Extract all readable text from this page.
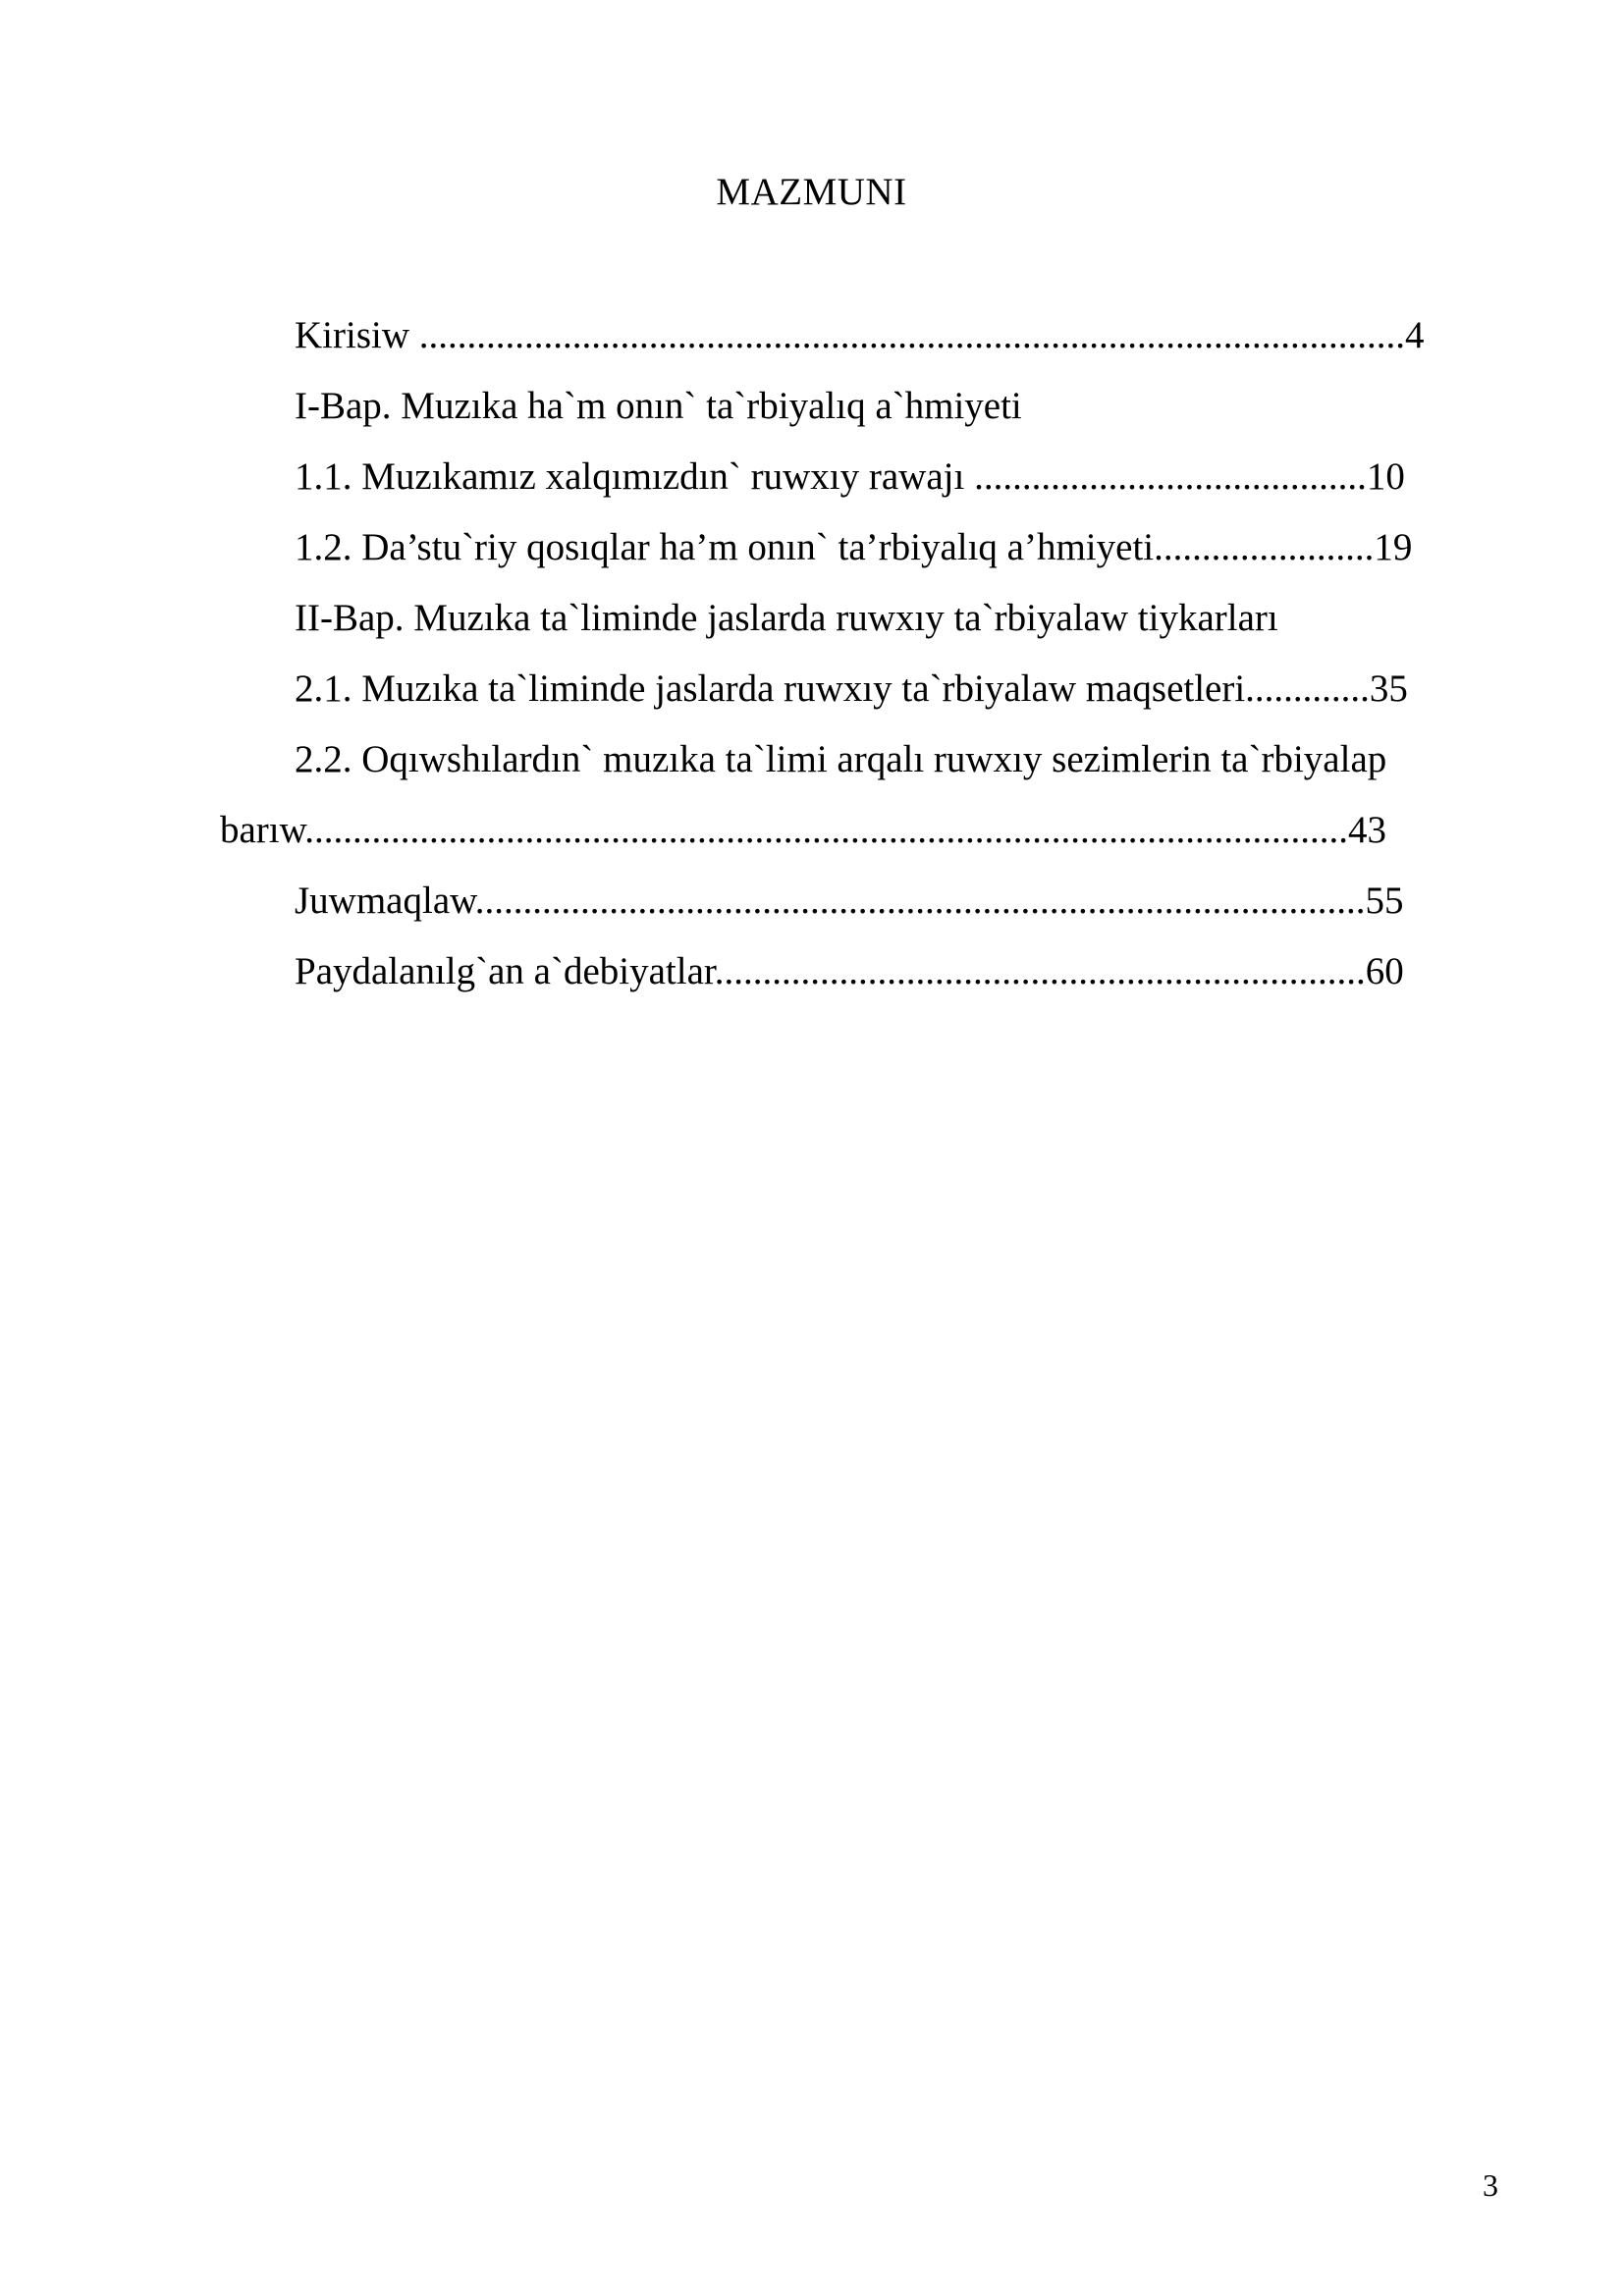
MAZMUNI
Kirisiw .......................................................................................................4
I-Bap. Muzıka ha`m onın` ta`rbiyalıq a`hmiyeti
1.1. Muzıkamız xalqımızdın` ruwxıy rawajı .........................................10
1.2. Da’stu`riy qosıqlar ha’m onın` ta’rbiyalıq a’hmiyeti.......................19
II-Bap. Muzıka ta`liminde jaslarda ruwxıy ta`rbiyalaw tiykarları
2.1. Muzıka ta`liminde jaslarda ruwxıy ta`rbiyalaw maqsetleri.............35
2.2. Oqıwshılardın` muzıka ta`limi arqalı ruwxıy sezimlerin ta`rbiyalap
barıw.............................................................................................................43
Juwmaqlaw.............................................................................................55
Paydalanılg`an a`debiyatlar....................................................................60
3
